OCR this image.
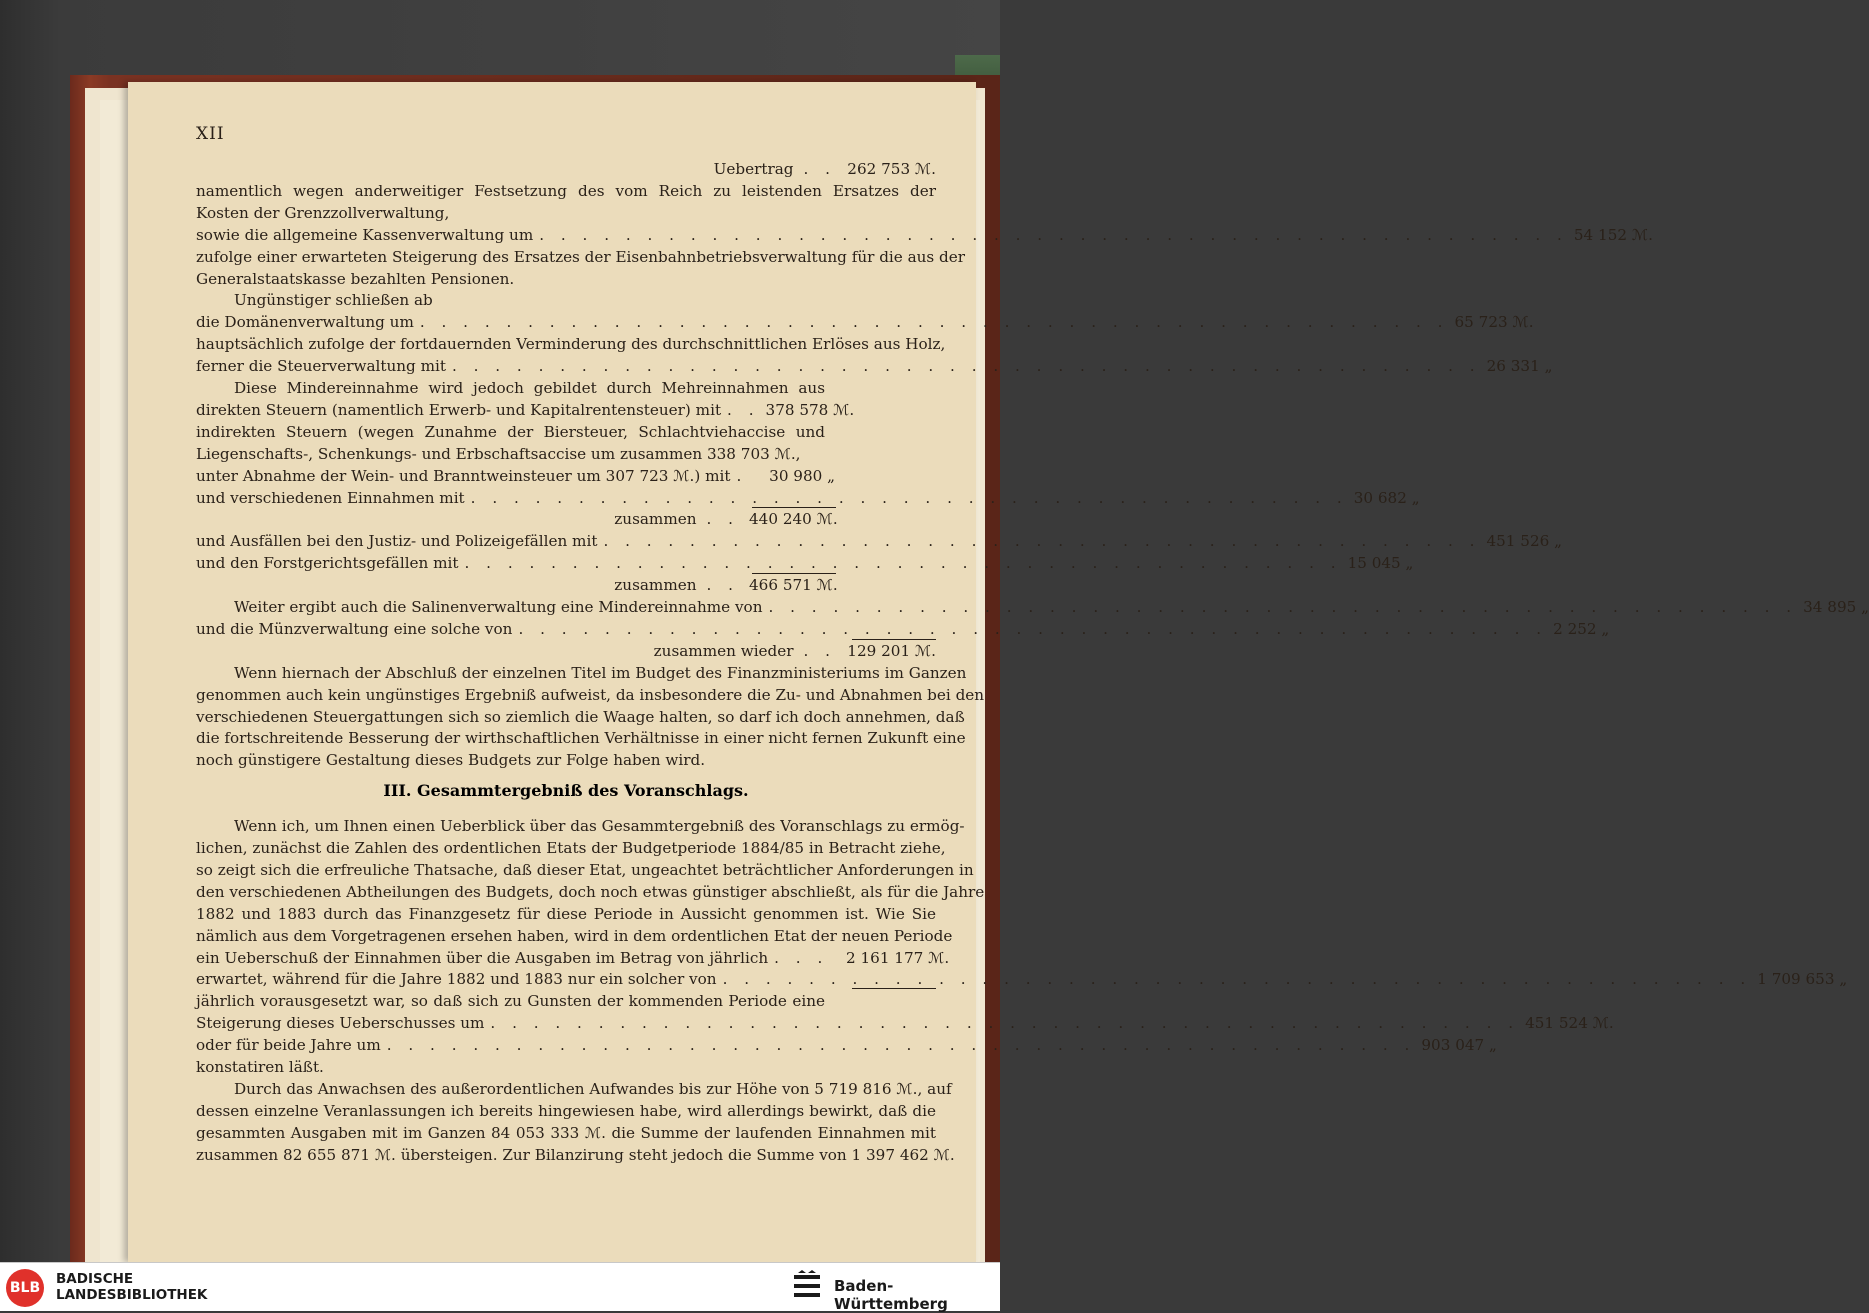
XII
Uebertrag . . 262 753 ℳ.
namentlich wegen anderweitiger Festsetzung des vom Reich zu leistenden Ersatzes der
Kosten der Grenzzollverwaltung,
sowie die allgemeine Kassenverwaltung um . . . . . . . . . . . . . . . . . . . . . . . . . . . . . . . . . . . . . . . . . . . . . . . . 54 152 ℳ.
zufolge einer erwarteten Steigerung des Ersatzes der Eisenbahnbetriebsverwaltung für die aus der
Generalstaatskasse bezahlten Pensionen.
Ungünstiger schließen ab
die Domänenverwaltung um . . . . . . . . . . . . . . . . . . . . . . . . . . . . . . . . . . . . . . . . . . . . . . . . 65 723 ℳ.
hauptsächlich zufolge der fortdauernden Verminderung des durchschnittlichen Erlöses aus Holz,
ferner die Steuerverwaltung mit . . . . . . . . . . . . . . . . . . . . . . . . . . . . . . . . . . . . . . . . . . . . . . . . 26 331 „
Diese Mindereinnahme wird jedoch gebildet durch Mehreinnahmen aus
direkten Steuern (namentlich Erwerb- und Kapitalrentensteuer) mit . . 378 578 ℳ.
indirekten Steuern (wegen Zunahme der Biersteuer, Schlachtviehaccise und
Liegenschafts-, Schenkungs- und Erbschaftsaccise um zusammen 338 703 ℳ.,
unter Abnahme der Wein- und Branntweinsteuer um 307 723 ℳ.) mit .	30 980 „
und verschiedenen Einnahmen mit . . . . . . . . . . . . . . . . . . . . . . . . . . . . . . . . . . . . . . . . . 30 682 „
zusammen . . 440 240 ℳ.
und Ausfällen bei den Justiz- und Polizeigefällen mit . . . . . . . . . . . . . . . . . . . . . . . . . . . . . . . . . . . . . . . . . 451 526 „
und den Forstgerichtsgefällen mit . . . . . . . . . . . . . . . . . . . . . . . . . . . . . . . . . . . . . . . . . 15 045 „
zusammen . . 466 571 ℳ.
Weiter ergibt auch die Salinenverwaltung eine Mindereinnahme von . . . . . . . . . . . . . . . . . . . . . . . . . . . . . . . . . . . . . . . . . . . . . . . . 34 895 „
und die Münzverwaltung eine solche von . . . . . . . . . . . . . . . . . . . . . . . . . . . . . . . . . . . . . . . . . . . . . . . . 2 252 „
zusammen wieder . . 129 201 ℳ.
Wenn hiernach der Abschluß der einzelnen Titel im Budget des Finanzministeriums im Ganzen
genommen auch kein ungünstiges Ergebniß aufweist, da insbesondere die Zu- und Abnahmen bei den
verschiedenen Steuergattungen sich so ziemlich die Waage halten, so darf ich doch annehmen, daß
die fortschreitende Besserung der wirthschaftlichen Verhältnisse in einer nicht fernen Zukunft eine
noch günstigere Gestaltung dieses Budgets zur Folge haben wird.
Wenn ich, um Ihnen einen Ueberblick über das Gesammtergebniß des Voranschlags zu ermög-
lichen, zunächst die Zahlen des ordentlichen Etats der Budgetperiode 1884/85 in Betracht ziehe,
so zeigt sich die erfreuliche Thatsache, daß dieser Etat, ungeachtet beträchtlicher Anforderungen in
den verschiedenen Abtheilungen des Budgets, doch noch etwas günstiger abschließt, als für die Jahre
1882 und 1883 durch das Finanzgesetz für diese Periode in Aussicht genommen ist. Wie Sie
nämlich aus dem Vorgetragenen ersehen haben, wird in dem ordentlichen Etat der neuen Periode
ein Ueberschuß der Einnahmen über die Ausgaben im Betrag von jährlich . . .	2 161 177 ℳ.
erwartet, während für die Jahre 1882 und 1883 nur ein solcher von . . . . . . . . . . . . . . . . . . . . . . . . . . . . . . . . . . . . . . . . . . . . . . . . 1 709 653 „
jährlich vorausgesetzt war, so daß sich zu Gunsten der kommenden Periode eine
Steigerung dieses Ueberschusses um . . . . . . . . . . . . . . . . . . . . . . . . . . . . . . . . . . . . . . . . . . . . . . . . 451 524 ℳ.
oder für beide Jahre um . . . . . . . . . . . . . . . . . . . . . . . . . . . . . . . . . . . . . . . . . . . . . . . . 903 047 „
konstatiren läßt.
Durch das Anwachsen des außerordentlichen Aufwandes bis zur Höhe von 5 719 816 ℳ., auf
dessen einzelne Veranlassungen ich bereits hingewiesen habe, wird allerdings bewirkt, daß die
gesammten Ausgaben mit im Ganzen 84 053 333 ℳ. die Summe der laufenden Einnahmen mit
zusammen 82 655 871 ℳ. übersteigen. Zur Bilanzirung steht jedoch die Summe von 1 397 462 ℳ.
III. Gesammtergebniß des Voranschlags.
BLB
BADISCHE
LANDESBIBLIOTHEK	Baden-Württemberg
